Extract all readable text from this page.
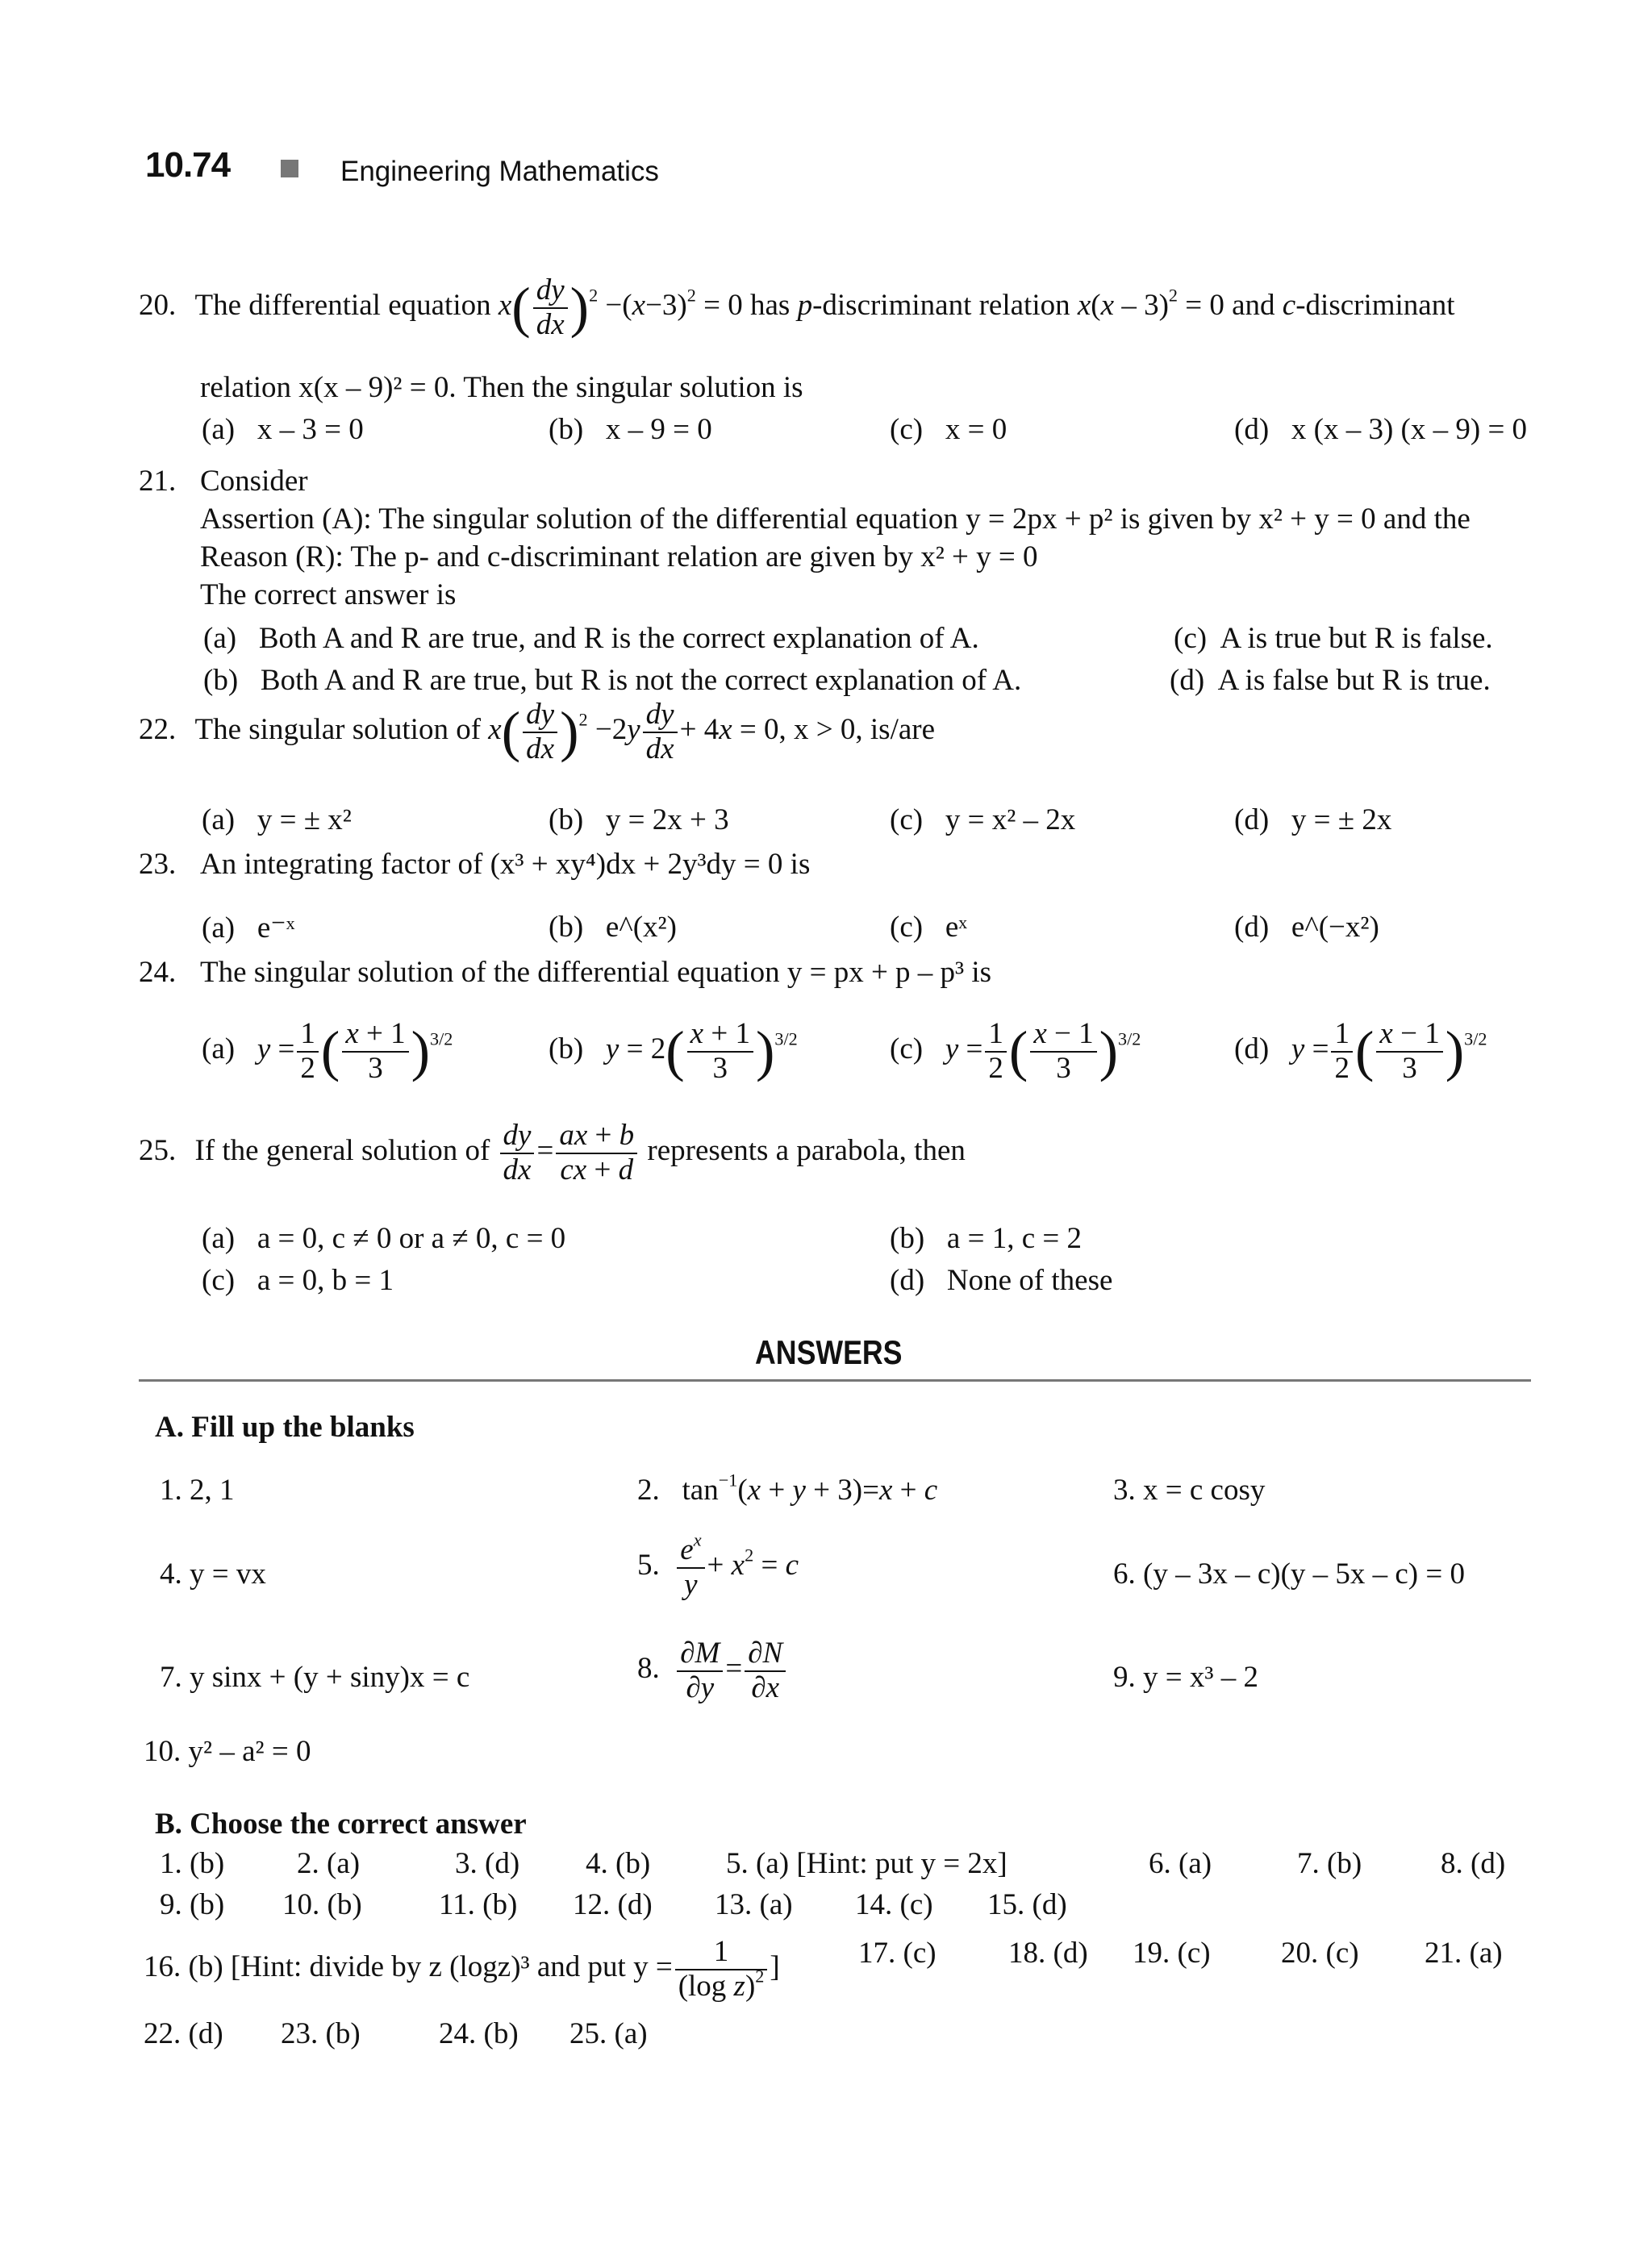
10.74	Engineering Mathematics
20. The differential equation $x( \frac{dy}{dx} )^2 -(x-3)^2 = 0$ has p-discriminant relation x(x – 3)$^2$ = 0 and c-discriminant
relation x(x – 9)² = 0. Then the singular solution is
(a)   x – 3 = 0	(b)   x – 9 = 0	(c)   x = 0	(d)   x (x – 3) (x – 9) = 0
21. Consider
Assertion (A): The singular solution of the differential equation y = 2px + p² is given by x² + y = 0 and the
Reason (R): The p- and c-discriminant relation are given by x² + y = 0
The correct answer is
(a)   Both A and R are true, and R is the correct explanation of A.
(b)   Both A and R are true, but R is not the correct explanation of A.
(c)  A is true but R is false.
(d)  A is false but R is true.
22. The singular solution of $x( \frac{dy}{dx} )^2 -2y \frac{dy}{dx} + 4x = 0$, x > 0, is/are
(a)   y = ± x²	(b)   y = 2x + 3	(c)   y = x² – 2x	(d)   y = ± 2x
23. An integrating factor of (x³ + xy⁴)dx + 2y³dy = 0 is
(a)   e⁻ˣ	(b)   e^(x²)	(c)   eˣ	(d)   e^(−x²)
24. The singular solution of the differential equation y = px + p – p³ is
(a)   $y = \frac{1}{2}$ ( $\frac{x + 1}{3} )^{3/2}$	(b)   $y = 2( \frac{x + 1}{3} )^{3/2}$	(c)   $y = \frac{1}{2}$ ( $\frac{x - 1}{3} )^{3/2}$	(d)   $y = \frac{1}{2}$ ( $\frac{x - 1}{3} )^{3/2}$
25. If the general solution of $\frac{dy}{dx} = \frac{ax + b}{cx + d}$ represents a parabola, then
(a)   a = 0, c ≠ 0 or a ≠ 0, c = 0	(b)   a = 1, c = 2
(c)   a = 0, b = 1	(d)   None of these
ANSWERS
A. Fill up the blanks
1. 2, 1	2.   $\tan^{-1}(x + y + 3)=x + c$	3. x = c cosy
4. y = vx	5. $\frac{e^x}{y} + x^2 = c$	6. (y – 3x – c)(y – 5x – c) = 0
7. y sinx + (y + siny)x = c	8. $\frac{\partial M}{\partial y} = \frac{\partial N}{\partial x}$	9. y = x³ – 2
10. y² – a² = 0
B. Choose the correct answer
1. (b) 2. (a)	3. (d) 4. (b)	5. (a) [Hint: put y = 2x]	6. (a)	7. (b)	8. (d)
9. (b) 10. (b)	11. (b) 12. (d) 13. (a) 14. (c) 15. (d)
16. (b) [Hint: divide by z (logz)³ and put $y = \frac{1}{(\log z)^2}$ ]	17. (c) 18. (d) 19. (c) 20. (c) 21. (a)
22. (d) 23. (b)	24. (b) 25. (a)
